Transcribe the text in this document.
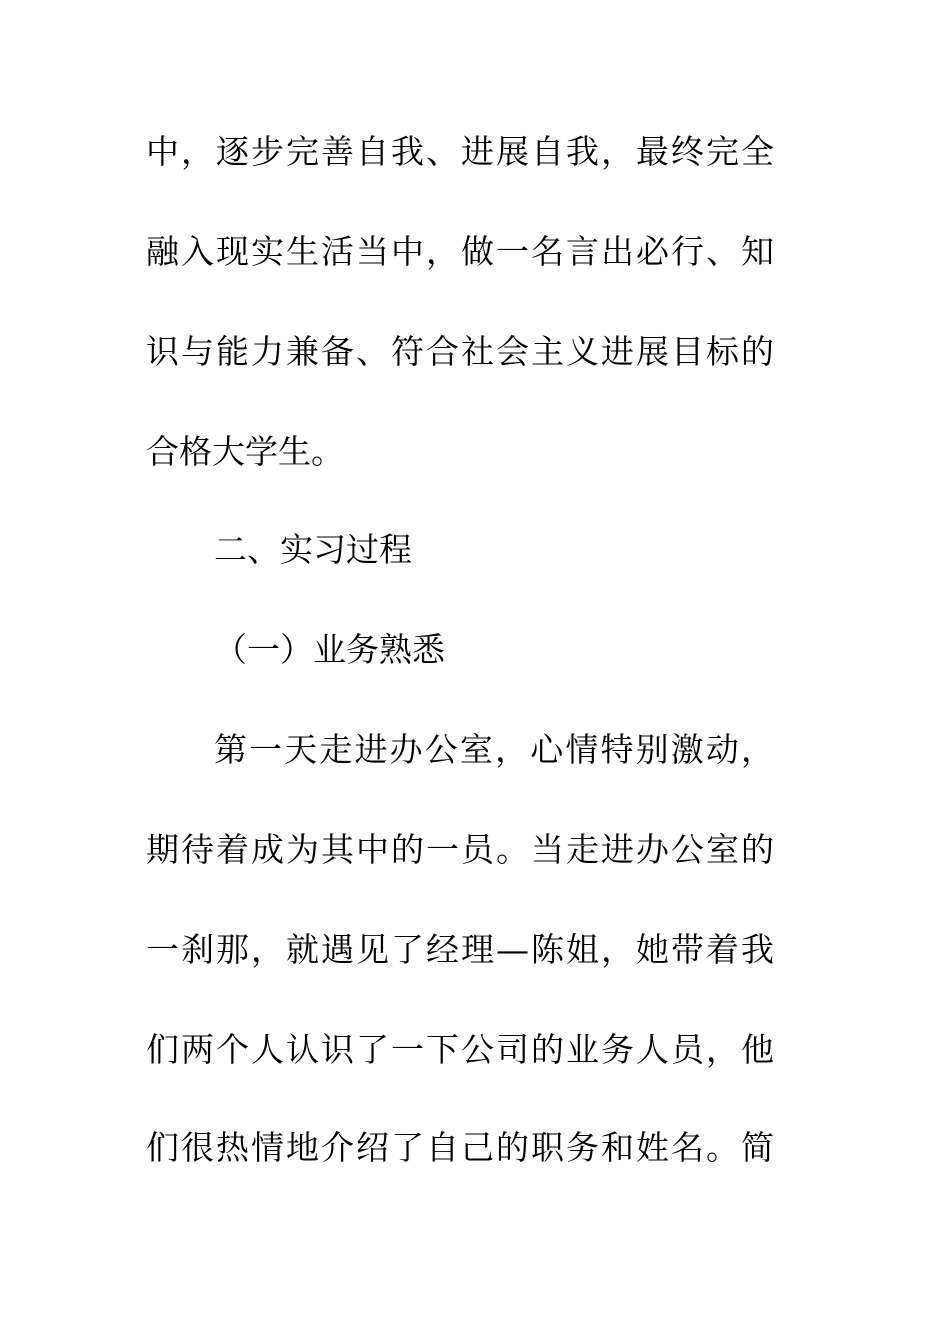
中，逐步完善自我、进展自我，最终完全
融入现实生活当中，做一名言出必行、知
识与能力兼备、符合社会主义进展目标的
合格大学生。
二、实习过程
（一）业务熟悉
第一天走进办公室，心情特别激动，
期待着成为其中的一员。当走进办公室的
一刹那，就遇见了经理—陈姐，她带着我
们两个人认识了一下公司的业务人员，他
们很热情地介绍了自己的职务和姓名。简
